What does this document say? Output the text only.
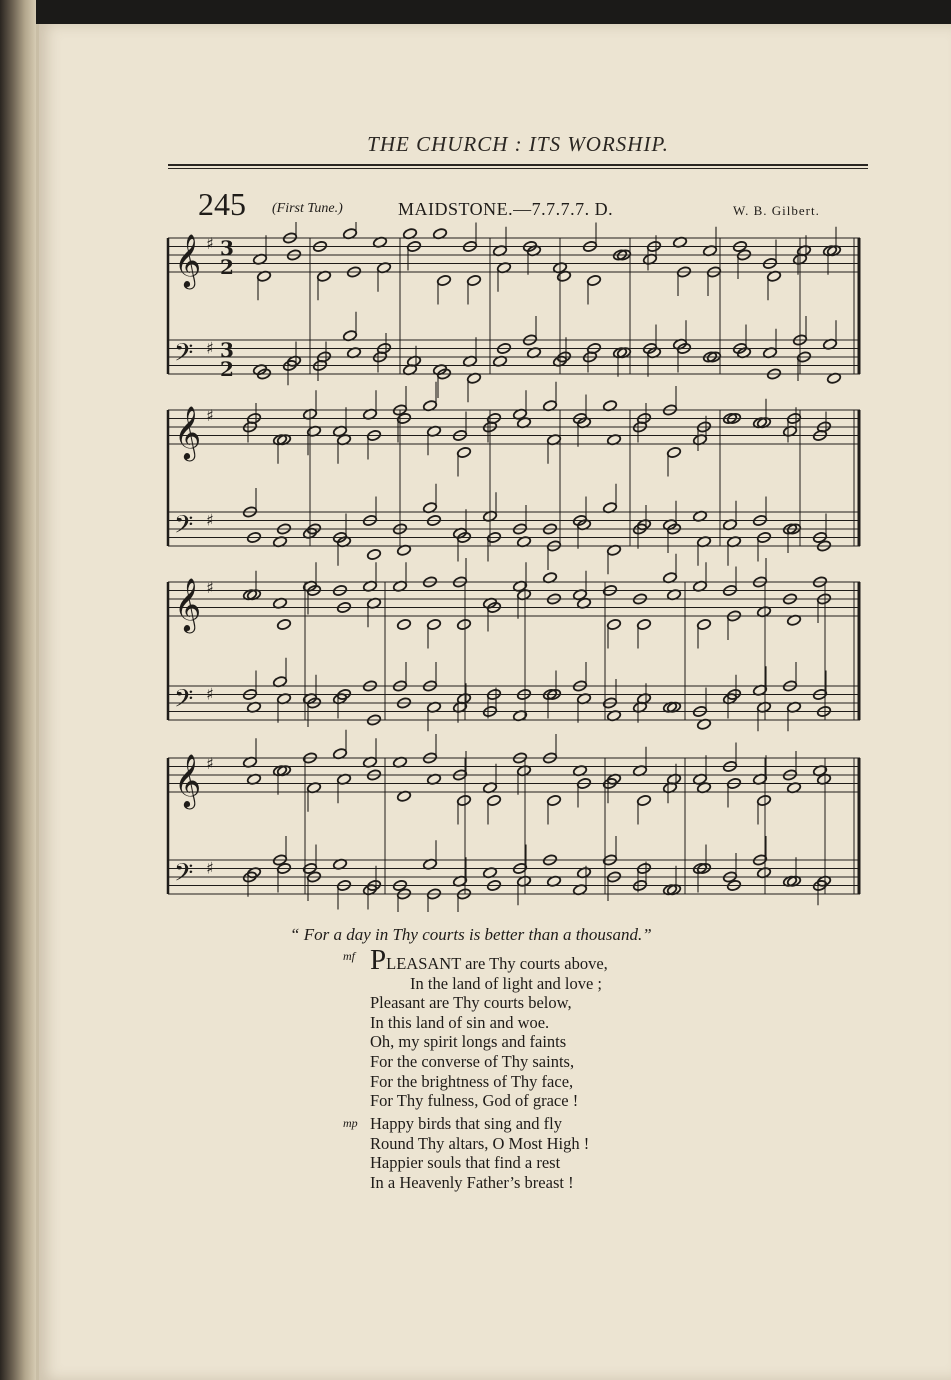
THE CHURCH : ITS WORSHIP.
245 (First Tune.)	MAIDSTONE.—7.7.7.7. D.	W. B. Gilbert.
𝄞 ♯ 3
2
𝄢 ♯ 3
2
𝄞 ♯
𝄢 ♯
𝄞 ♯
𝄢 ♯
𝄞 ♯
𝄢 ♯
“ For a day in Thy courts is better than a thousand.”
mf PLEASANT are Thy courts above,
In the land of light and love ;
Pleasant are Thy courts below,
In this land of sin and woe.
Oh, my spirit longs and faints
For the converse of Thy saints,
For the brightness of Thy face,
For Thy fulness, God of grace !
mp Happy birds that sing and fly
Round Thy altars, O Most High !
Happier souls that find a rest
In a Heavenly Father’s breast !
